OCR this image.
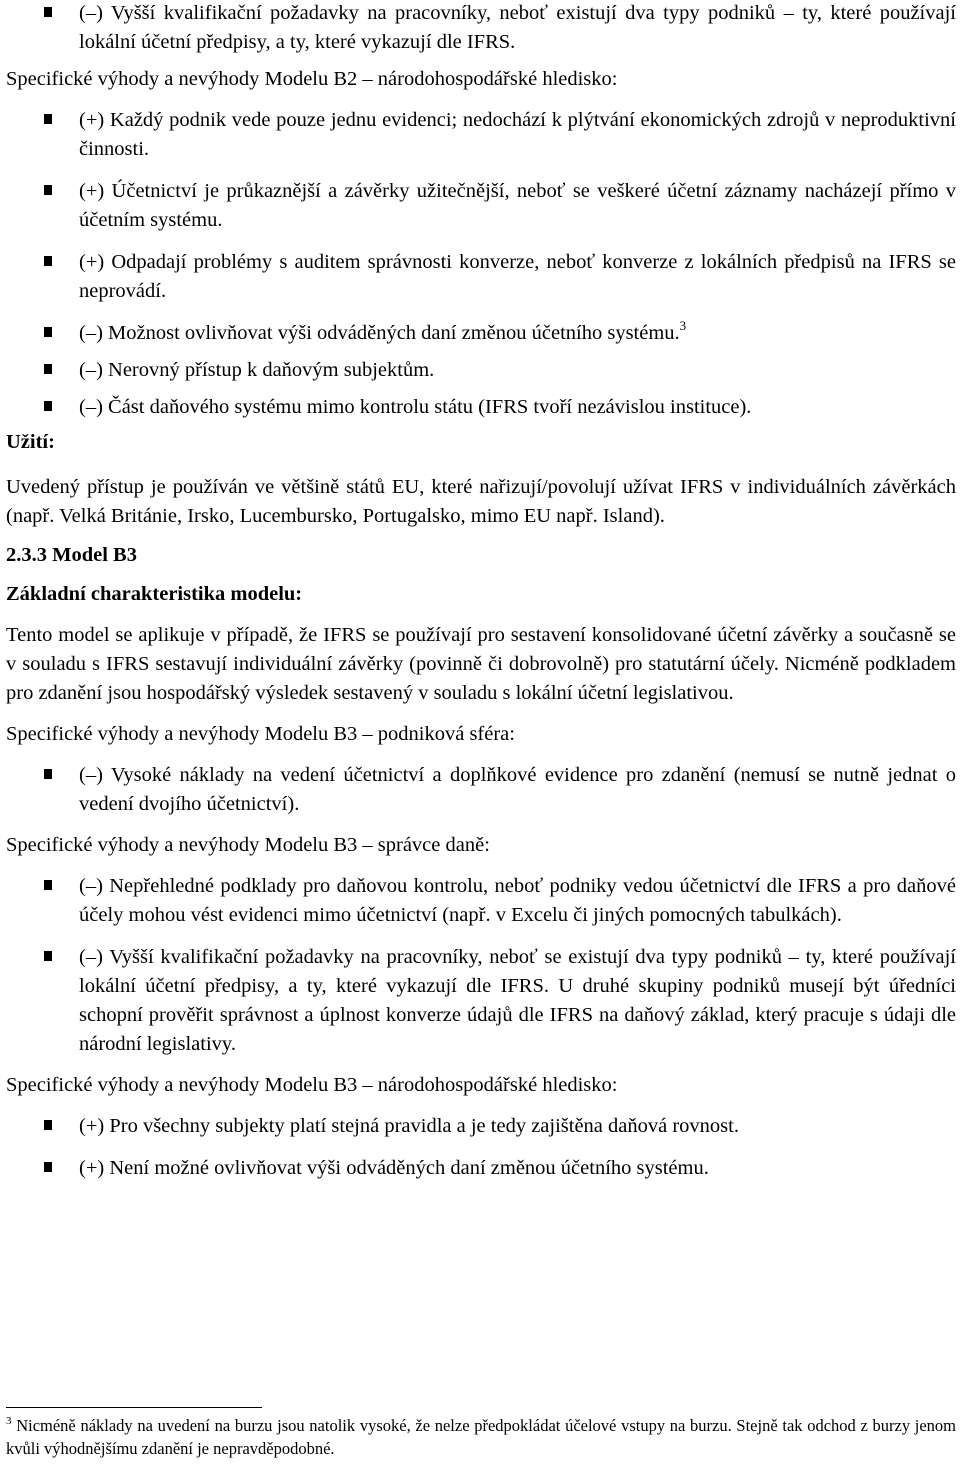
(‒) Vyšší kvalifikační požadavky na pracovníky, neboť existují dva typy podniků – ty, které používají lokální účetní předpisy, a ty, které vykazují dle IFRS.

Specifické výhody a nevýhody Modelu B2 – národohospodářské hledisko:

(+) Každý podnik vede pouze jednu evidenci; nedochází k plýtvání ekonomických zdrojů v neproduktivní činnosti.
(+) Účetnictví je průkaznější a závěrky užitečnější, neboť se veškeré účetní záznamy nacházejí přímo v účetním systému.
(+) Odpadají problémy s auditem správnosti konverze, neboť konverze z lokálních předpisů na IFRS se neprovádí.
(‒) Možnost ovlivňovat výši odváděných daní změnou účetního systému.$^3$
(‒) Nerovný přístup k daňovým subjektům.
(‒) Část daňového systému mimo kontrolu státu (IFRS tvoří nezávislou instituce).

Užití:

Uvedený přístup je používán ve většině států EU, které nařizují/povolují užívat IFRS v individuálních závěrkách (např. Velká Británie, Irsko, Lucembursko, Portugalsko, mimo EU např. Island).

2.3.3 Model B3

Základní charakteristika modelu:

Tento model se aplikuje v případě, že IFRS se používají pro sestavení konsolidované účetní závěrky a současně se v souladu s IFRS sestavují individuální závěrky (povinně či dobrovolně) pro statutární účely. Nicméně podkladem pro zdanění jsou hospodářský výsledek sestavený v souladu s lokální účetní legislativou.

Specifické výhody a nevýhody Modelu B3 – podniková sféra:

(‒) Vysoké náklady na vedení účetnictví a doplňkové evidence pro zdanění (nemusí se nutně jednat o vedení dvojího účetnictví).

Specifické výhody a nevýhody Modelu B3 – správce daně:

(‒) Nepřehledné podklady pro daňovou kontrolu, neboť podniky vedou účetnictví dle IFRS a pro daňové účely mohou vést evidenci mimo účetnictví (např. v Excelu či jiných pomocných tabulkách).
(‒) Vyšší kvalifikační požadavky na pracovníky, neboť se existují dva typy podniků – ty, které používají lokální účetní předpisy, a ty, které vykazují dle IFRS. U druhé skupiny podniků musejí být úředníci schopní prověřit správnost a úplnost konverze údajů dle IFRS na daňový základ, který pracuje s údaji dle národní legislativy.

Specifické výhody a nevýhody Modelu B3 – národohospodářské hledisko:

(+) Pro všechny subjekty platí stejná pravidla a je tedy zajištěna daňová rovnost.
(+) Není možné ovlivňovat výši odváděných daní změnou účetního systému.

$^3$ Nicméně náklady na uvedení na burzu jsou natolik vysoké, že nelze předpokládat účelové vstupy na burzu. Stejně tak odchod z burzy jenom kvůli výhodnějšímu zdanění je nepravděpodobné.
